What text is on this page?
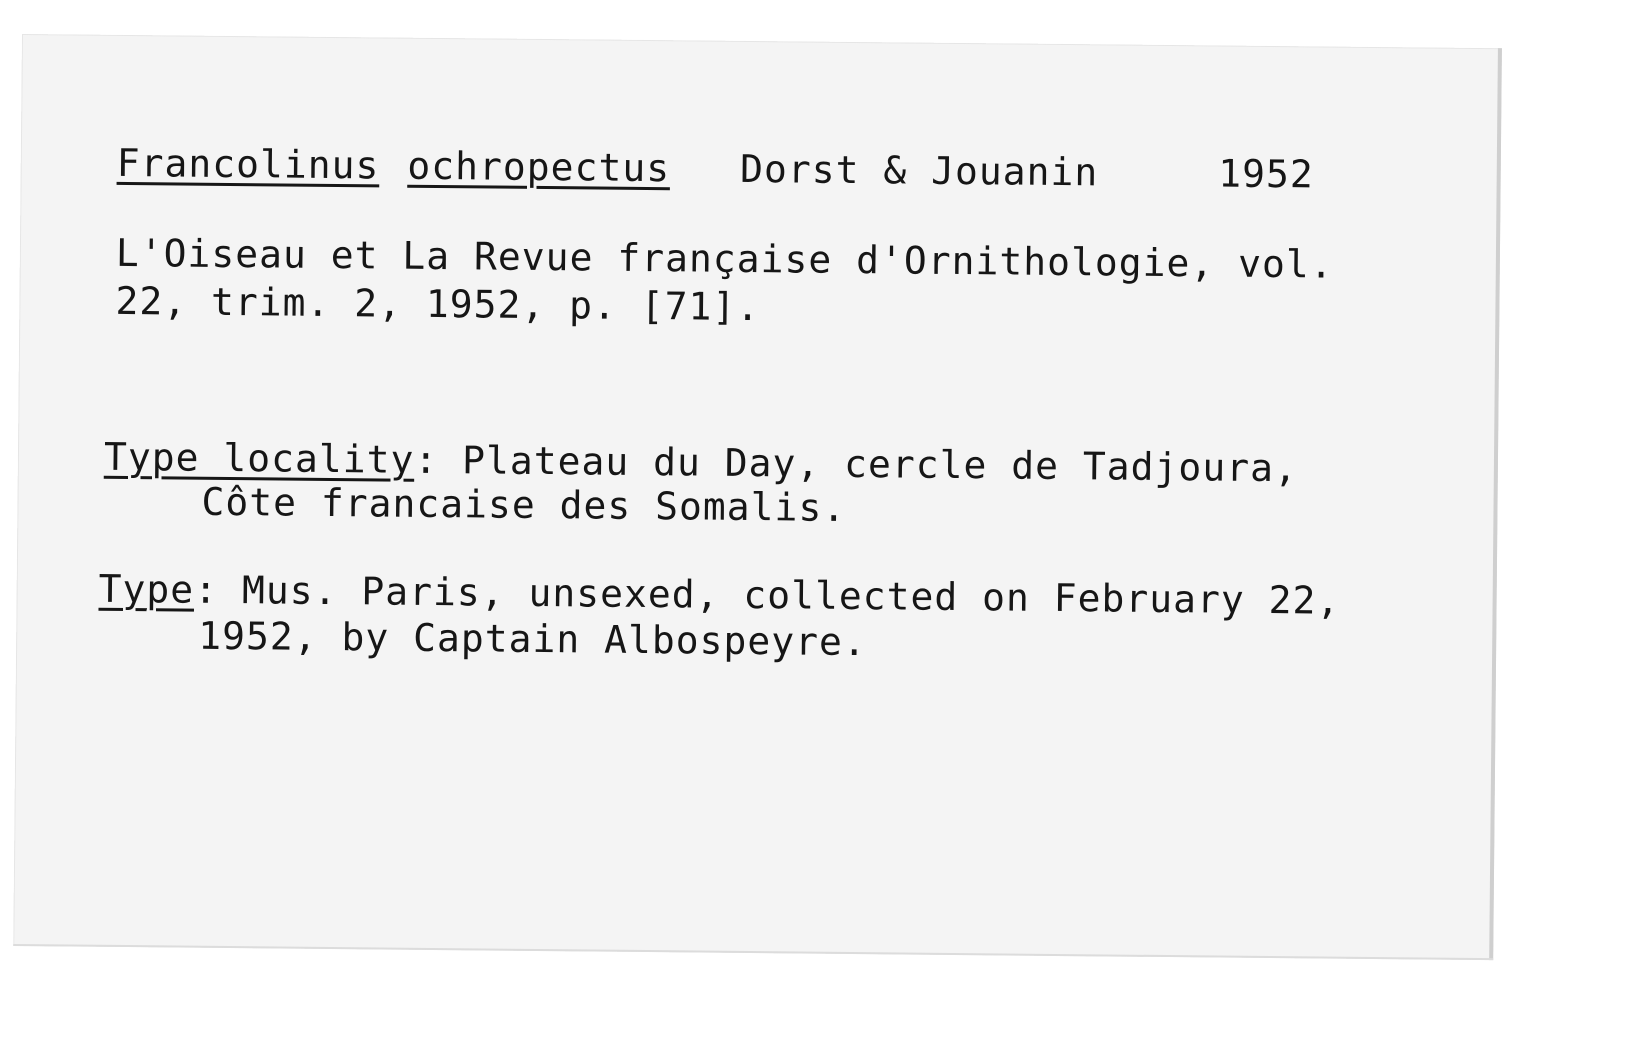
Francolinus ochropectus Dorst & Jouanin	1952

L'Oiseau et La Revue française d'Ornithologie, vol.

22, trim. 2, 1952, p. [71].

Type locality: Plateau du Day, cercle de Tadjoura,

Côte francaise des Somalis.

Type: Mus. Paris, unsexed, collected on February 22,

1952, by Captain Albospeyre.
